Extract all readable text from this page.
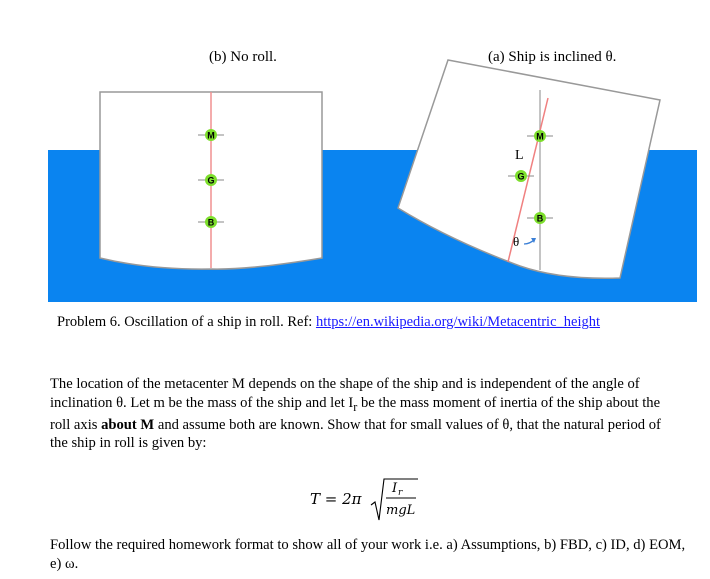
M
G
B
M
G
B
L
θ
(b) No roll.	(a) Ship is inclined θ.
Problem 6. Oscillation of a ship in roll. Ref: https://en.wikipedia.org/wiki/Metacentric_height
The location of the metacenter M depends on the shape of the ship and is independent of the angle of inclination θ. Let m be the mass of the ship and let $I_r$ be the mass moment of inertia of the ship about the roll axis about M and assume both are known. Show that for small values of θ, that the natural period of the ship in roll is given by:
T = 2π
I r
mgL
Follow the required homework format to show all of your work i.e. a) Assumptions, b) FBD, c) ID, d) EOM, e) ω.
